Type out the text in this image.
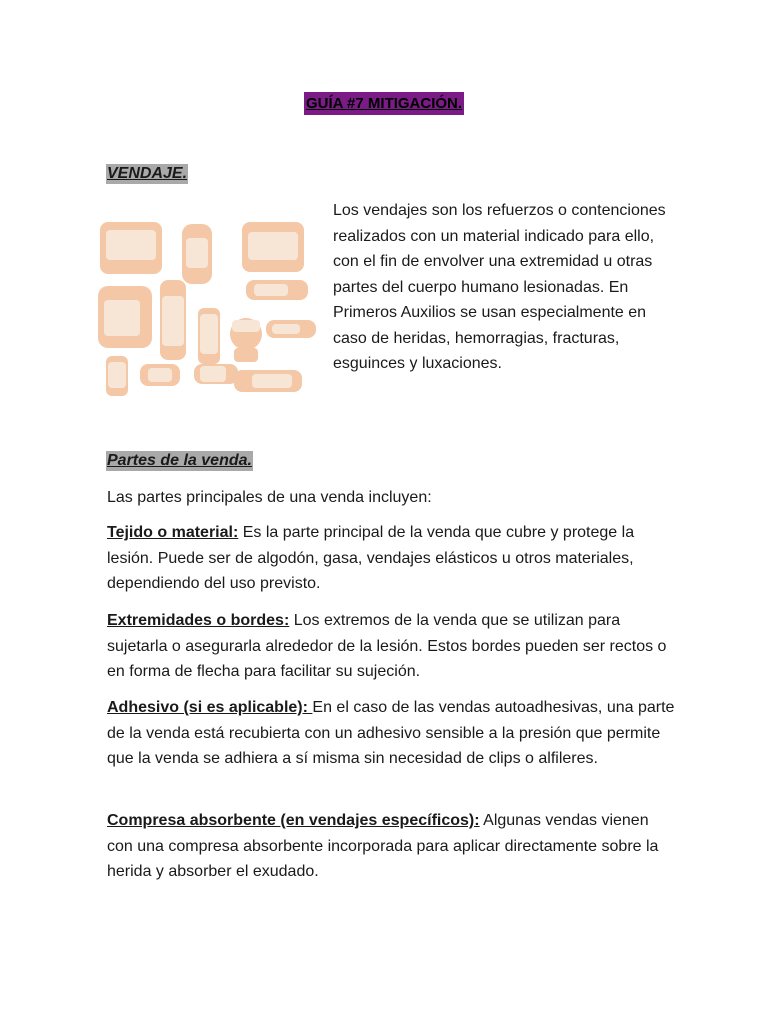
GUÍA #7 MITIGACIÓN.
VENDAJE.
Los vendajes son los refuerzos o contenciones realizados con un material indicado para ello, con el fin de envolver una extremidad u otras partes del cuerpo humano lesionadas. En Primeros Auxilios se usan especialmente en caso de heridas, hemorragias, fracturas, esguinces y luxaciones.
Partes de la venda.
Las partes principales de una venda incluyen:

Tejido o material: Es la parte principal de la venda que cubre y protege la lesión. Puede ser de algodón, gasa, vendajes elásticos u otros materiales, dependiendo del uso previsto.

Extremidades o bordes: Los extremos de la venda que se utilizan para sujetarla o asegurarla alrededor de la lesión. Estos bordes pueden ser rectos o en forma de flecha para facilitar su sujeción.

Adhesivo (si es aplicable): En el caso de las vendas autoadhesivas, una parte de la venda está recubierta con un adhesivo sensible a la presión que permite que la venda se adhiera a sí misma sin necesidad de clips o alfileres.

Compresa absorbente (en vendajes específicos): Algunas vendas vienen con una compresa absorbente incorporada para aplicar directamente sobre la herida y absorber el exudado.
